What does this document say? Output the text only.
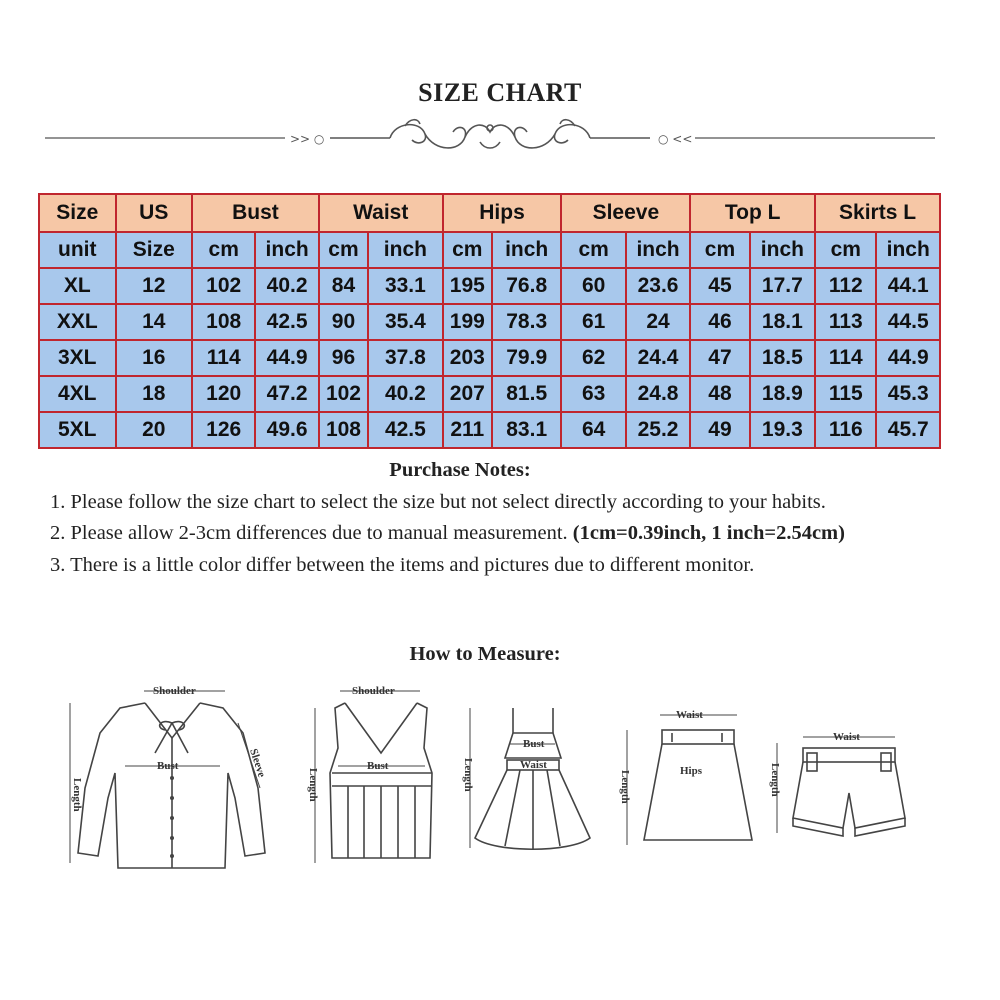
SIZE CHART
>> ○	○ <<
Size	US	Bust		Waist		Hips		Sleeve		Top L		Skirts L	
unit	Size	cm	inch	cm	inch	cm	inch	cm	inch	cm	inch	cm	inch
XL	12	102	40.2	84	33.1	195	76.8	60	23.6	45	17.7	112	44.1
XXL	14	108	42.5	90	35.4	199	78.3	61	24	46	18.1	113	44.5
3XL	16	114	44.9	96	37.8	203	79.9	62	24.4	47	18.5	114	44.9
4XL	18	120	47.2	102	40.2	207	81.5	63	24.8	48	18.9	115	45.3
5XL	20	126	49.6	108	42.5	211	83.1	64	25.2	49	19.3	116	45.7
Purchase Notes:
1. Please follow the size chart to select the size but not select directly according to your habits.
2. Please allow 2-3cm differences due to manual measurement. (1cm=0.39inch, 1 inch=2.54cm)
3. There is a little color differ between the items and pictures due to different monitor.
How to Measure:
Shoulder
Bust
Length
Sleeve
Shoulder
Bust
Length
Bust
Waist
Length
Waist
Hips
Length
Waist
Length
